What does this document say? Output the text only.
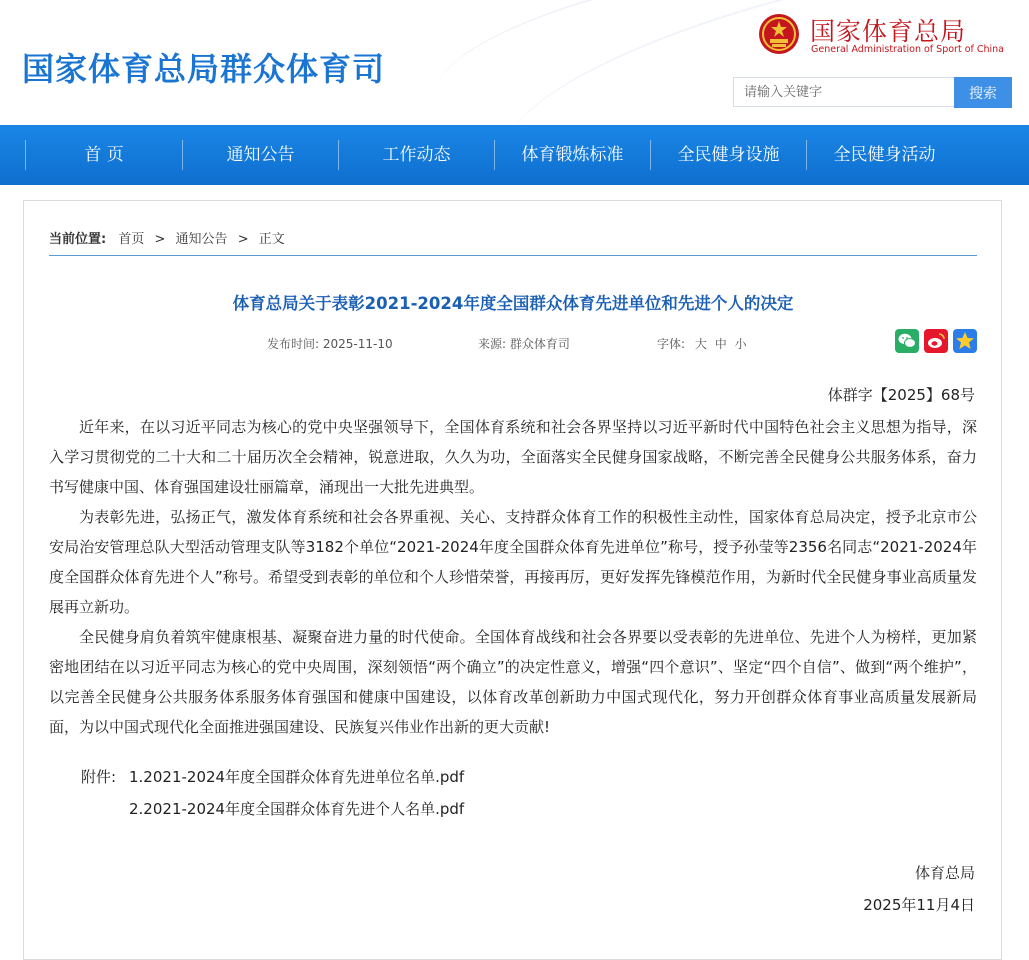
国家体育总局群众体育司
国家体育总局
General Administration of Sport of China
请输入关键字
搜索
首 页	通知公告	工作动态	体育锻炼标准	全民健身设施	全民健身活动
当前位置: 首页 > 通知公告 > 正文
体育总局关于表彰2021-2024年度全国群众体育先进单位和先进个人的决定
发布时间: 2025-11-10	来源: 群众体育司	字体: 大 中 小
体群字【2025】68号

近年来，在以习近平同志为核心的党中央坚强领导下，全国体育系统和社会各界坚持以习近平新时代中国特色社会主义思想为指导，深入学习贯彻党的二十大和二十届历次全会精神，锐意进取，久久为功，全面落实全民健身国家战略，不断完善全民健身公共服务体系，奋力书写健康中国、体育强国建设壮丽篇章，涌现出一大批先进典型。

为表彰先进，弘扬正气，激发体育系统和社会各界重视、关心、支持群众体育工作的积极性主动性，国家体育总局决定，授予北京市公安局治安管理总队大型活动管理支队等3182个单位“2021-2024年度全国群众体育先进单位”称号，授予孙莹等2356名同志“2021-2024年度全国群众体育先进个人”称号。希望受到表彰的单位和个人珍惜荣誉，再接再厉，更好发挥先锋模范作用，为新时代全民健身事业高质量发展再立新功。

全民健身肩负着筑牢健康根基、凝聚奋进力量的时代使命。全国体育战线和社会各界要以受表彰的先进单位、先进个人为榜样，更加紧密地团结在以习近平同志为核心的党中央周围，深刻领悟“两个确立”的决定性意义，增强“四个意识”、坚定“四个自信”、做到“两个维护”，以完善全民健身公共服务体系服务体育强国和健康中国建设，以体育改革创新助力中国式现代化，努力开创群众体育事业高质量发展新局面，为以中国式现代化全面推进强国建设、民族复兴伟业作出新的更大贡献!

附件: 1.2021-2024年度全国群众体育先进单位名单.pdf
2.2021-2024年度全国群众体育先进个人名单.pdf
体育总局
2025年11月4日
